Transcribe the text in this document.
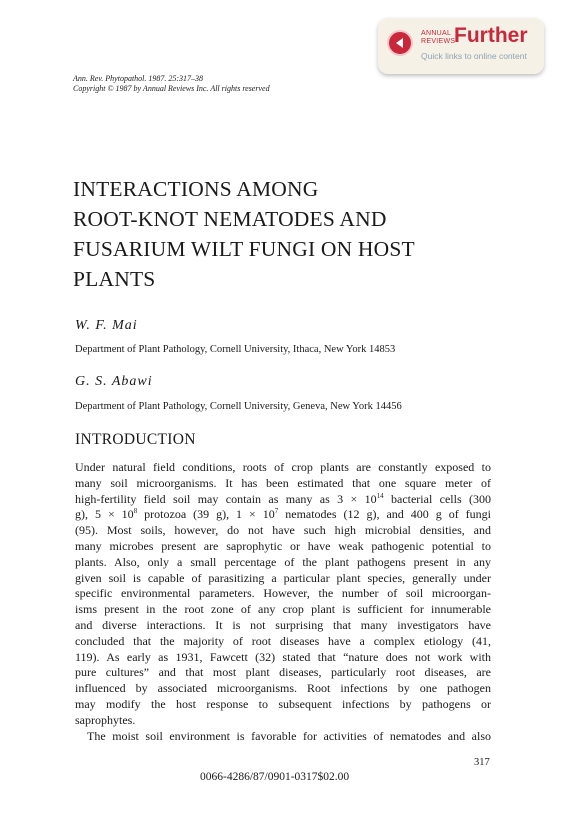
ANNUAL
REVIEWS
Further
Quick links to online content
Ann. Rev. Phytopathol. 1987. 25:317–38
Copyright © 1987 by Annual Reviews Inc. All rights reserved
INTERACTIONS AMONG
ROOT-KNOT NEMATODES AND
FUSARIUM WILT FUNGI ON HOST
PLANTS
W. F. Mai
Department of Plant Pathology, Cornell University, Ithaca, New York 14853
G. S. Abawi
Department of Plant Pathology, Cornell University, Geneva, New York 14456
INTRODUCTION
Under natural field conditions, roots of crop plants are constantly exposed to
many soil microorganisms. It has been estimated that one square meter of
high-fertility field soil may contain as many as $3 \times 10^{14}$ bacterial cells (300
g), $5 \times 10^8$ protozoa (39 g), $1 \times 10^7$ nematodes (12 g), and 400 g of fungi
(95). Most soils, however, do not have such high microbial densities, and
many microbes present are saprophytic or have weak pathogenic potential to
plants. Also, only a small percentage of the plant pathogens present in any
given soil is capable of parasitizing a particular plant species, generally under
specific environmental parameters. However, the number of soil microorgan-
isms present in the root zone of any crop plant is sufficient for innumerable
and diverse interactions. It is not surprising that many investigators have
concluded that the majority of root diseases have a complex etiology (41,
119). As early as 1931, Fawcett (32) stated that “nature does not work with
pure cultures” and that most plant diseases, particularly root diseases, are
influenced by associated microorganisms. Root infections by one pathogen
may modify the host response to subsequent infections by pathogens or
saprophytes.
The moist soil environment is favorable for activities of nematodes and also
317
0066-4286/87/0901-0317$02.00
